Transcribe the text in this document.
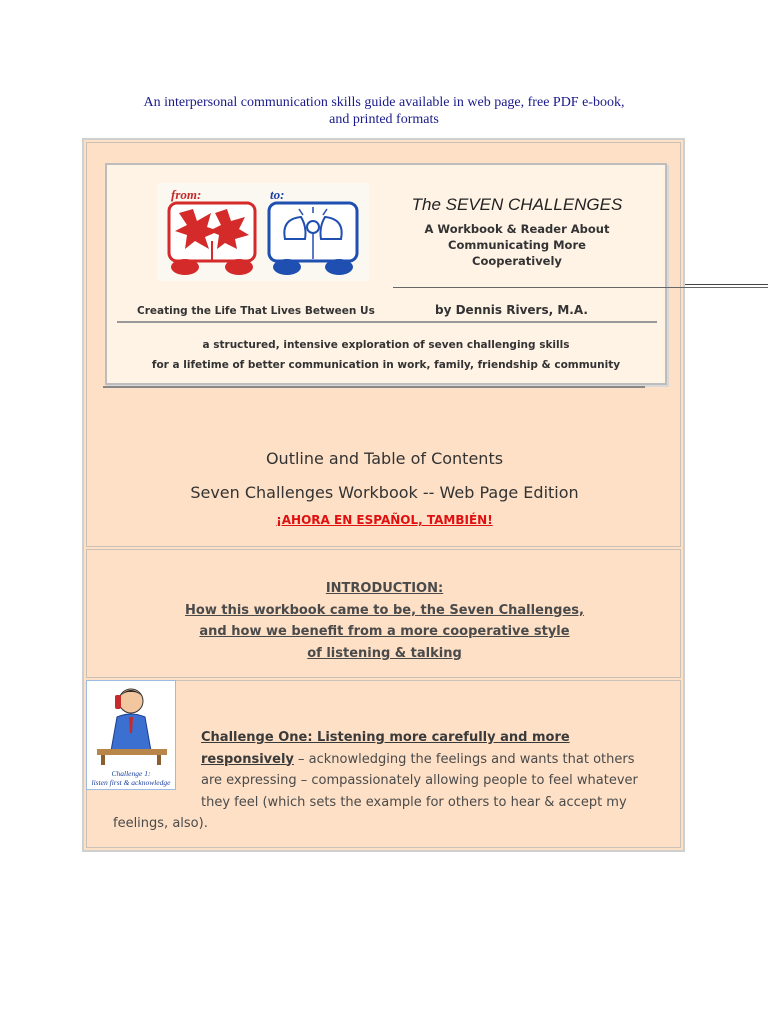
An interpersonal communication skills guide available in web page, free PDF e-book,
and printed formats
from:	to:
The SEVEN CHALLENGES
A Workbook & Reader About
Communicating More
Cooperatively
Creating the Life That Lives Between Us	by Dennis Rivers, M.A.
a structured, intensive exploration of seven challenging skills
for a lifetime of better communication in work, family, friendship & community
Outline and Table of Contents
Seven Challenges Workbook -- Web Page Edition
¡AHORA EN ESPAÑOL, TAMBIÉN!
INTRODUCTION:
How this workbook came to be, the Seven Challenges,
and how we benefit from a more cooperative style
of listening & talking
Challenge 1:
listen first & acknowledge
Challenge One: Listening more carefully and more
responsively – acknowledging the feelings and wants that others
are expressing – compassionately allowing people to feel whatever
they feel (which sets the example for others to hear & accept my
feelings, also).
